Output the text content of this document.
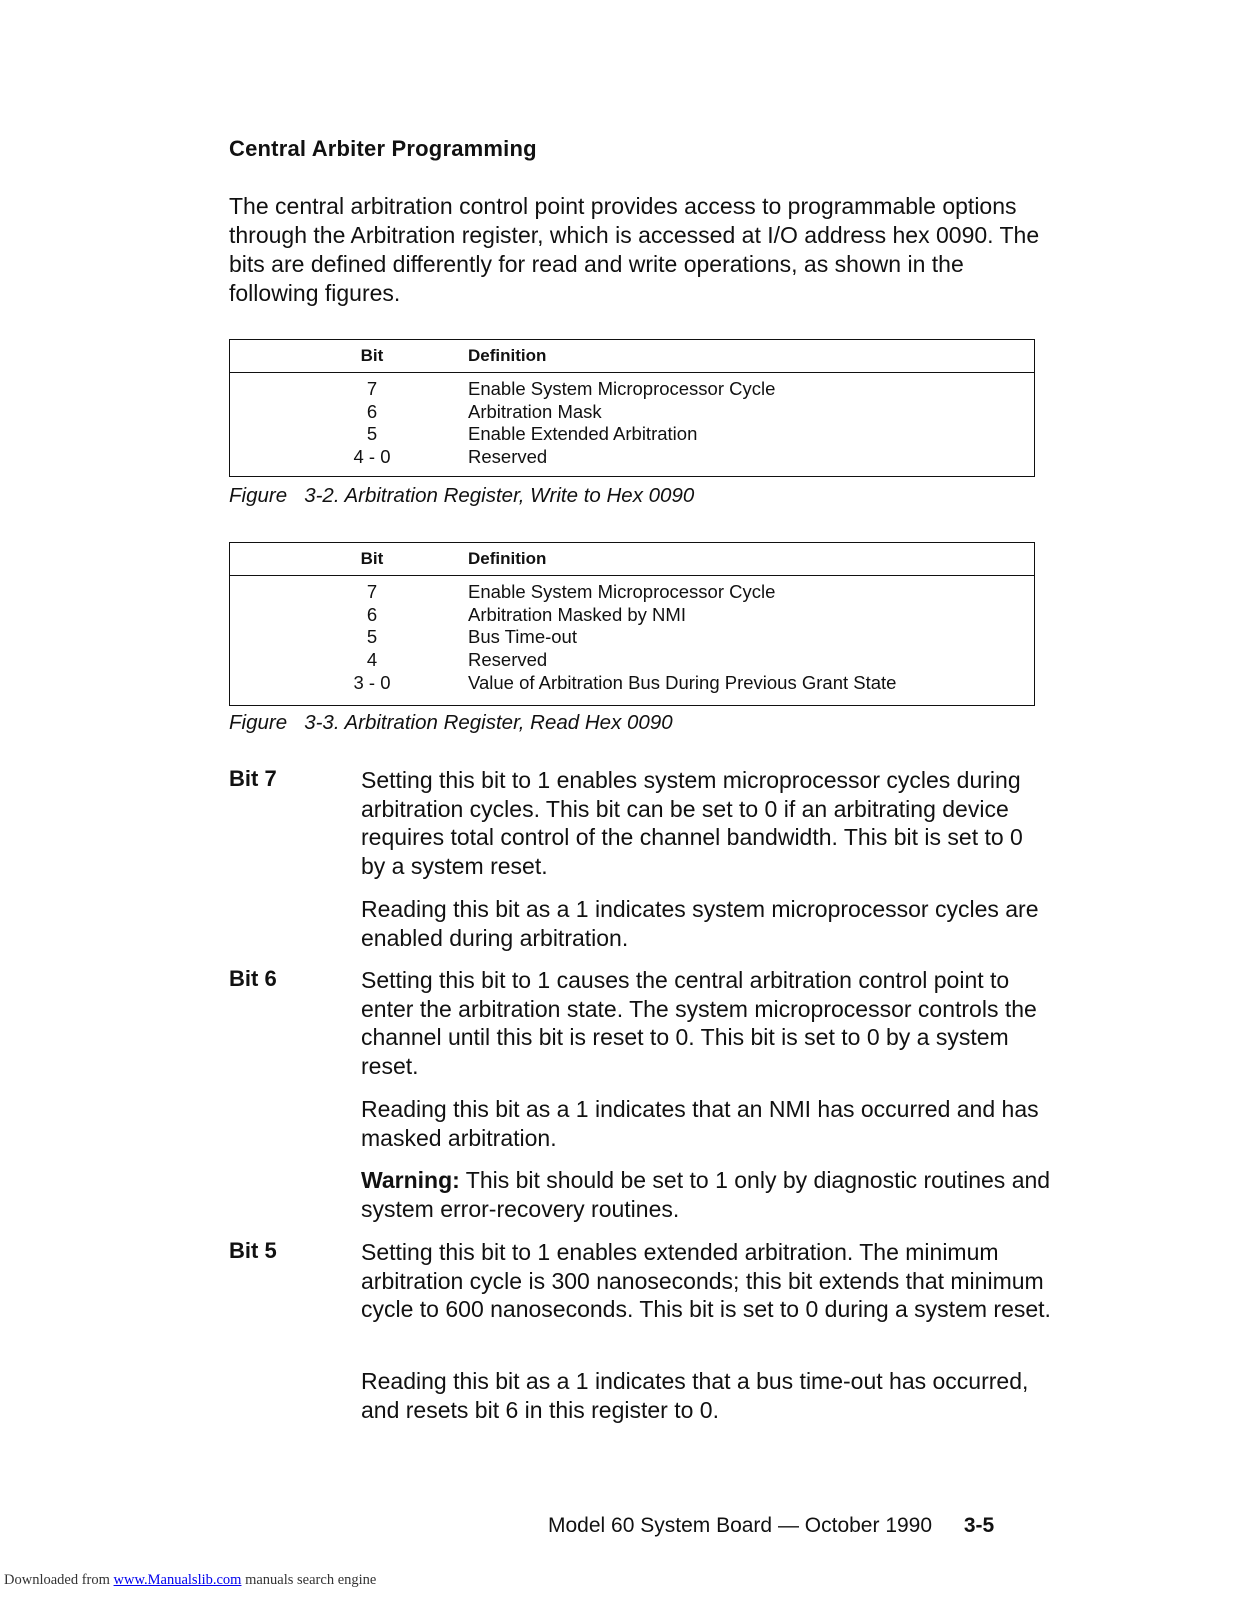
Central Arbiter Programming

The central arbitration control point provides access to programmable options through the Arbitration register, which is accessed at I/O address hex 0090. The bits are defined differently for read and write operations, as shown in the following figures.

Bit	Definition
7	Enable System Microprocessor Cycle
6	Arbitration Mask
5	Enable Extended Arbitration
4 - 0	Reserved
Figure   3-2. Arbitration Register, Write to Hex 0090
Bit	Definition
7	Enable System Microprocessor Cycle
6	Arbitration Masked by NMI
5	Bus Time-out
4	Reserved
3 - 0	Value of Arbitration Bus During Previous Grant State
Figure   3-3. Arbitration Register, Read Hex 0090
Bit 7	Setting this bit to 1 enables system microprocessor cycles during arbitration cycles. This bit can be set to 0 if an arbitrating device requires total control of the channel bandwidth. This bit is set to 0 by a system reset.

Reading this bit as a 1 indicates system microprocessor cycles are enabled during arbitration.

Bit 6	Setting this bit to 1 causes the central arbitration control point to enter the arbitration state. The system microprocessor controls the channel until this bit is reset to 0. This bit is set to 0 by a system reset.

Reading this bit as a 1 indicates that an NMI has occurred and has masked arbitration.

Warning: This bit should be set to 1 only by diagnostic routines and system error-recovery routines.

Bit 5	Setting this bit to 1 enables extended arbitration. The minimum arbitration cycle is 300 nanoseconds; this bit extends that minimum cycle to 600 nanoseconds. This bit is set to 0 during a system reset.

Reading this bit as a 1 indicates that a bus time-out has occurred, and resets bit 6 in this register to 0.

Model 60 System Board — October 1990 3-5
Downloaded from www.Manualslib.com manuals search engine
